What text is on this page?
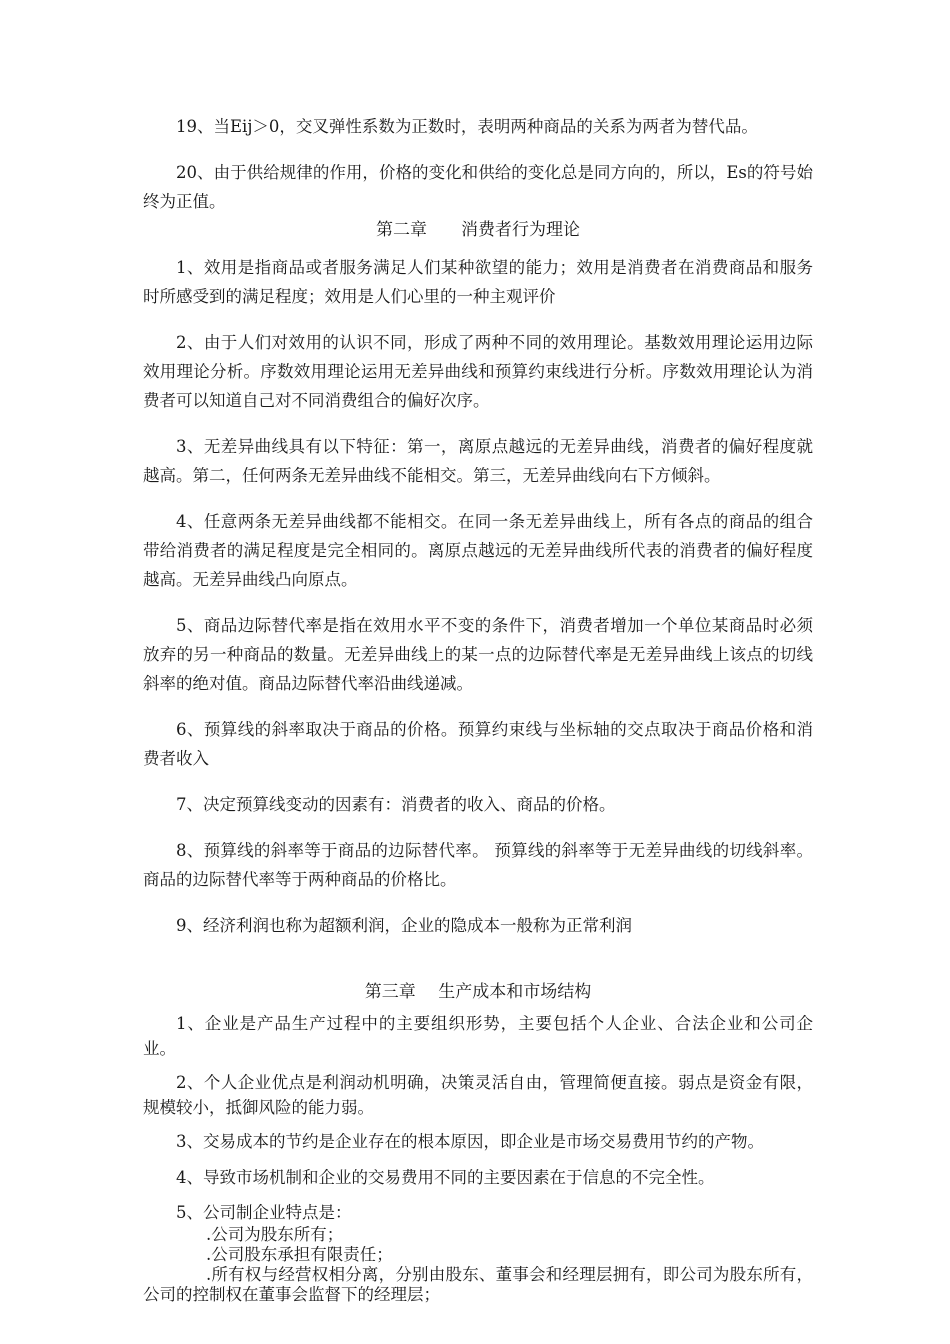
19、当Eij＞0，交叉弹性系数为正数时，表明两种商品的关系为两者为替代品。

20、由于供给规律的作用，价格的变化和供给的变化总是同方向的，所以，Es的符号始终为正值。

第二章　　消费者行为理论

1、效用是指商品或者服务满足人们某种欲望的能力；效用是消费者在消费商品和服务时所感受到的满足程度；效用是人们心里的一种主观评价

2、由于人们对效用的认识不同，形成了两种不同的效用理论。基数效用理论运用边际效用理论分析。序数效用理论运用无差异曲线和预算约束线进行分析。序数效用理论认为消费者可以知道自己对不同消费组合的偏好次序。

3、无差异曲线具有以下特征：第一，离原点越远的无差异曲线，消费者的偏好程度就越高。第二，任何两条无差异曲线不能相交。第三，无差异曲线向右下方倾斜。

4、任意两条无差异曲线都不能相交。在同一条无差异曲线上，所有各点的商品的组合带给消费者的满足程度是完全相同的。离原点越远的无差异曲线所代表的消费者的偏好程度越高。无差异曲线凸向原点。

5、商品边际替代率是指在效用水平不变的条件下，消费者增加一个单位某商品时必须放弃的另一种商品的数量。无差异曲线上的某一点的边际替代率是无差异曲线上该点的切线斜率的绝对值。商品边际替代率沿曲线递减。

6、预算线的斜率取决于商品的价格。预算约束线与坐标轴的交点取决于商品价格和消费者收入

7、决定预算线变动的因素有：消费者的收入、商品的价格。

8、预算线的斜率等于商品的边际替代率。 预算线的斜率等于无差异曲线的切线斜率。商品的边际替代率等于两种商品的价格比。

9、经济利润也称为超额利润，企业的隐成本一般称为正常利润

第三章　 生产成本和市场结构

1、企业是产品生产过程中的主要组织形势，主要包括个人企业、合法企业和公司企业。

2、个人企业优点是利润动机明确，决策灵活自由，管理简便直接。弱点是资金有限，规模较小，抵御风险的能力弱。

3、交易成本的节约是企业存在的根本原因，即企业是市场交易费用节约的产物。

4、导致市场机制和企业的交易费用不同的主要因素在于信息的不完全性。

5、公司制企业特点是：

.公司为股东所有；

.公司股东承担有限责任；

.所有权与经营权相分离，分别由股东、董事会和经理层拥有，即公司为股东所有，公司的控制权在董事会监督下的经理层；
